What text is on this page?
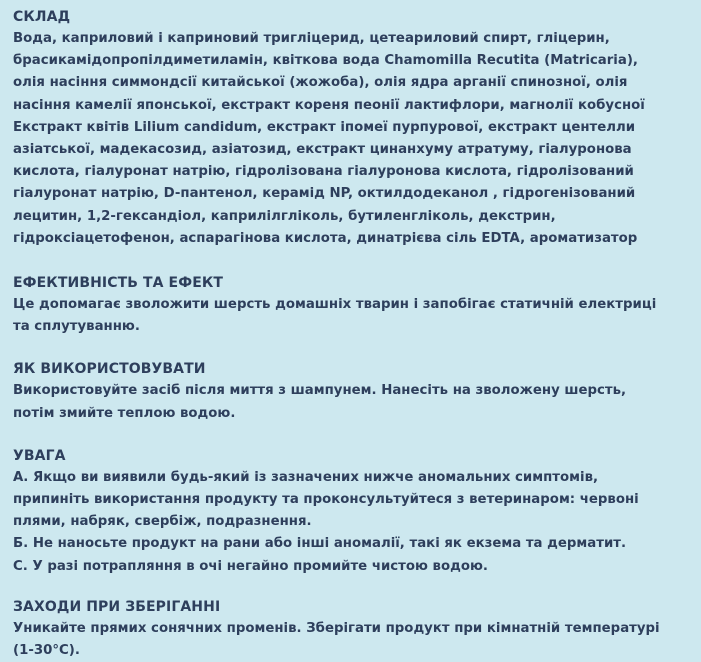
СКЛАД
Вода, каприловий і каприновий тригліцерид, цетеариловий спирт, гліцерин,
брасикамідопропілдиметиламін, квіткова вода Chamomilla Recutita (Matricaria),
олія насіння симмондсії китайської (жожоба), олія ядра арганії спинозної, олія
насіння камелії японської, екстракт кореня пеонії лактифлори, магнолії кобусної
Екстракт квітів Lilium candidum, екстракт іпомеї пурпурової, екстракт центелли
азіатської, мадекасозид, азіатозид, екстракт цинанхуму атратуму, гіалуронова
кислота, гіалуронат натрію, гідролізована гіалуронова кислота, гідролізований
гіалуронат натрію, D-пантенол, керамід NP, октилдодеканол , гідрогенізований
лецитин, 1,2-гександіол, каприлілгліколь, бутиленгліколь, декстрин,
гідроксіацетофенон, аспарагінова кислота, динатрієва сіль EDTA, ароматизатор
ЕФЕКТИВНІСТЬ ТА ЕФЕКТ
Це допомагає зволожити шерсть домашніх тварин і запобігає статичній електриці
та сплутуванню.
ЯК ВИКОРИСТОВУВАТИ
Використовуйте засіб після миття з шампунем. Нанесіть на зволожену шерсть,
потім змийте теплою водою.
УВАГА
А. Якщо ви виявили будь-який із зазначених нижче аномальних симптомів,
припиніть використання продукту та проконсультуйтеся з ветеринаром: червоні
плями, набряк, свербіж, подразнення.
Б. Не наносьте продукт на рани або інші аномалії, такі як екзема та дерматит.
С. У разі потрапляння в очі негайно промийте чистою водою.
ЗАХОДИ ПРИ ЗБЕРІГАННІ
Уникайте прямих сонячних променів. Зберігати продукт при кімнатній температурі
(1-30°C).
